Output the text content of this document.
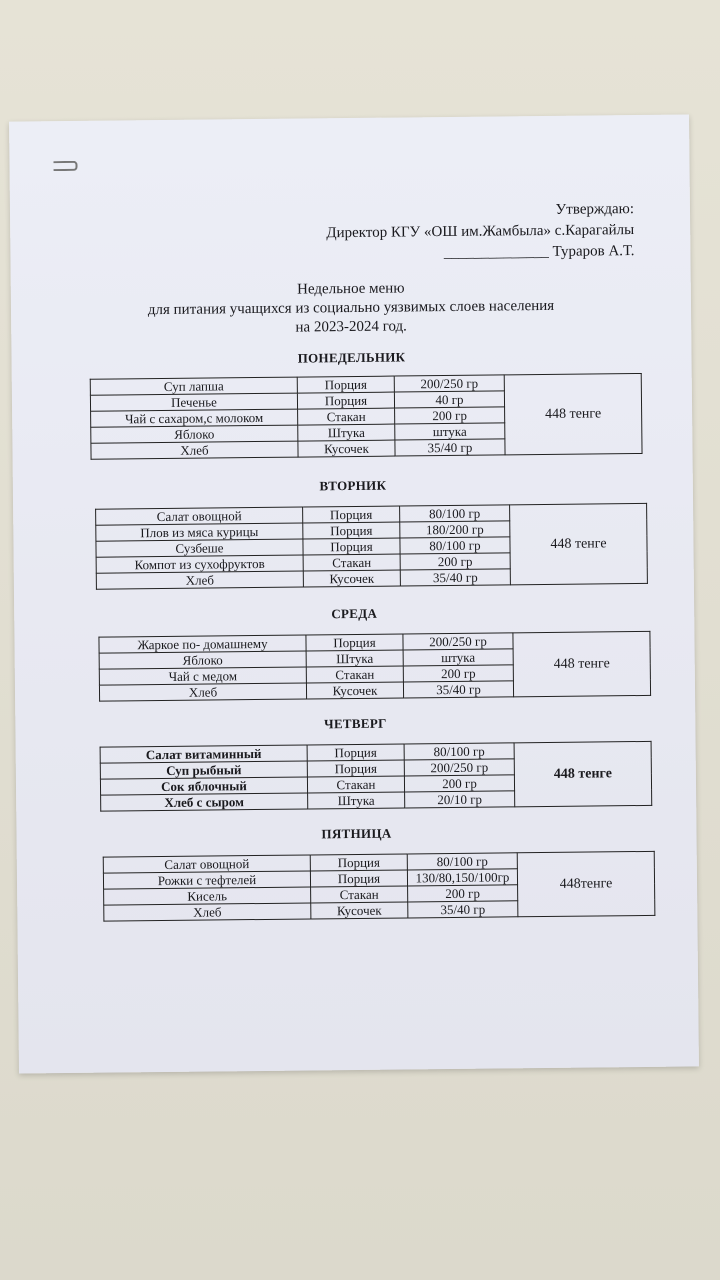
Утверждаю:
Директор КГУ «ОШ им.Жамбыла» с.Карагайлы
______________ Тураров А.Т.
Недельное меню
для питания учащихся из социально уязвимых слоев населения
на 2023-2024 год.
ПОНЕДЕЛЬНИК
Суп лапша	Порция	200/250 гр	448 тенге
Печенье	Порция	40 гр	
Чай с сахаром,с молоком	Стакан	200 гр	
Яблоко	Штука	штука	
Хлеб	Кусочек	35/40 гр	
ВТОРНИК
Салат овощной	Порция	80/100 гр	448 тенге
Плов из мяса курицы	Порция	180/200 гр	
Сузбеше	Порция	80/100 гр	
Компот из сухофруктов	Стакан	200 гр	
Хлеб	Кусочек	35/40 гр	
СРЕДА
Жаркое по- домашнему	Порция	200/250 гр	448 тенге
Яблоко	Штука	штука	
Чай с медом	Стакан	200 гр	
Хлеб	Кусочек	35/40 гр	
ЧЕТВЕРГ
Салат витаминный	Порция	80/100 гр	448 тенге
Суп рыбный	Порция	200/250 гр	
Сок яблочный	Стакан	200 гр	
Хлеб с сыром	Штука	20/10 гр	
ПЯТНИЦА
Салат овощной	Порция	80/100 гр	448тенге
Рожки с тефтелей	Порция	130/80,150/100гр	
Кисель	Стакан	200 гр	
Хлеб	Кусочек	35/40 гр	
